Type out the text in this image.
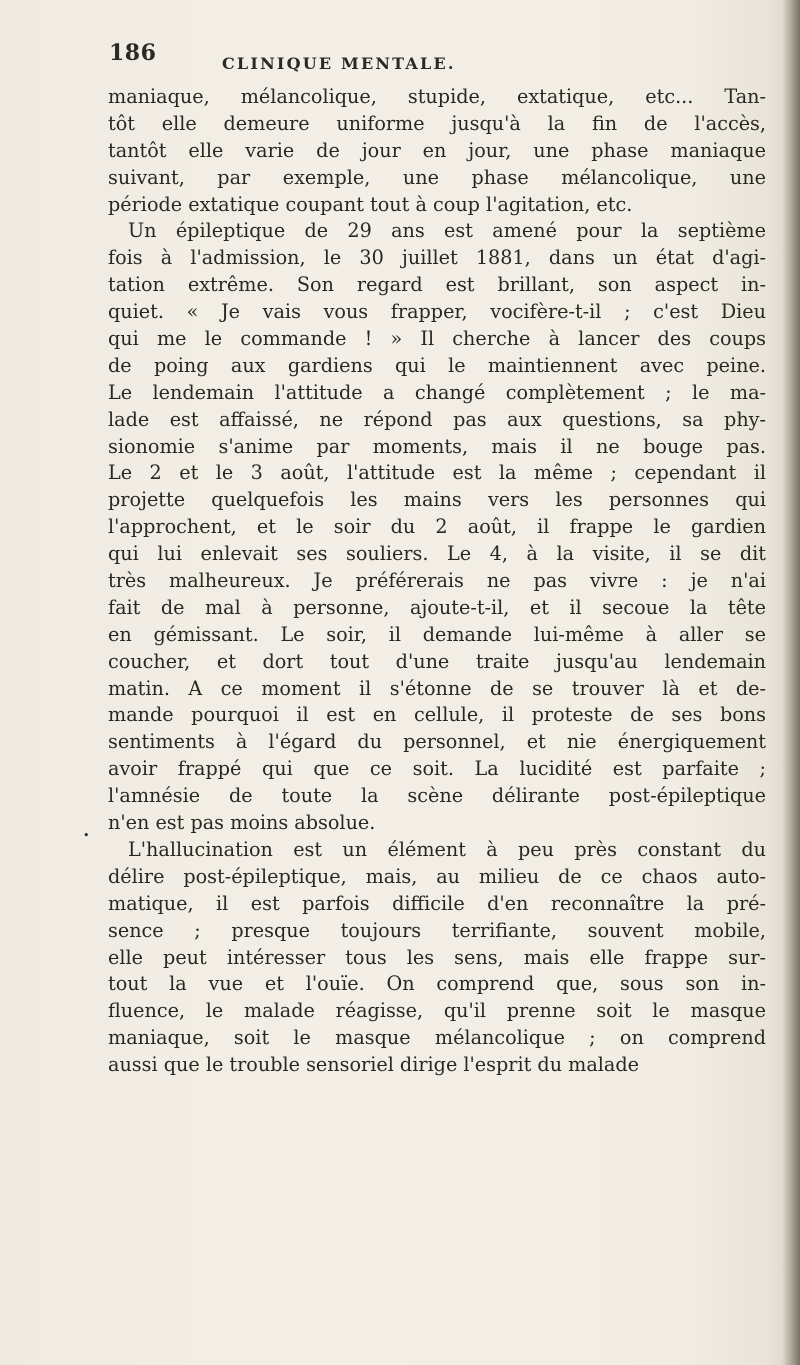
186	CLINIQUE MENTALE.
•
maniaque, mélancolique, stupide, extatique, etc... Tan-
tôt elle demeure uniforme jusqu'à la fin de l'accès,
tantôt elle varie de jour en jour, une phase maniaque
suivant, par exemple, une phase mélancolique, une
période extatique coupant tout à coup l'agitation, etc.
Un épileptique de 29 ans est amené pour la septième
fois à l'admission, le 30 juillet 1881, dans un état d'agi-
tation extrême. Son regard est brillant, son aspect in-
quiet. « Je vais vous frapper, vocifère-t-il ; c'est Dieu
qui me le commande ! » Il cherche à lancer des coups
de poing aux gardiens qui le maintiennent avec peine.
Le lendemain l'attitude a changé complètement ; le ma-
lade est affaissé, ne répond pas aux questions, sa phy-
sionomie s'anime par moments, mais il ne bouge pas.
Le 2 et le 3 août, l'attitude est la même ; cependant il
projette quelquefois les mains vers les personnes qui
l'approchent, et le soir du 2 août, il frappe le gardien
qui lui enlevait ses souliers. Le 4, à la visite, il se dit
très malheureux. Je préférerais ne pas vivre : je n'ai
fait de mal à personne, ajoute-t-il, et il secoue la tête
en gémissant. Le soir, il demande lui-même à aller se
coucher, et dort tout d'une traite jusqu'au lendemain
matin. A ce moment il s'étonne de se trouver là et de-
mande pourquoi il est en cellule, il proteste de ses bons
sentiments à l'égard du personnel, et nie énergiquement
avoir frappé qui que ce soit. La lucidité est parfaite ;
l'amnésie de toute la scène délirante post-épileptique
n'en est pas moins absolue.
L'hallucination est un élément à peu près constant du
délire post-épileptique, mais, au milieu de ce chaos auto-
matique, il est parfois difficile d'en reconnaître la pré-
sence ; presque toujours terrifiante, souvent mobile,
elle peut intéresser tous les sens, mais elle frappe sur-
tout la vue et l'ouïe. On comprend que, sous son in-
fluence, le malade réagisse, qu'il prenne soit le masque
maniaque, soit le masque mélancolique ; on comprend
aussi que le trouble sensoriel dirige l'esprit du malade
